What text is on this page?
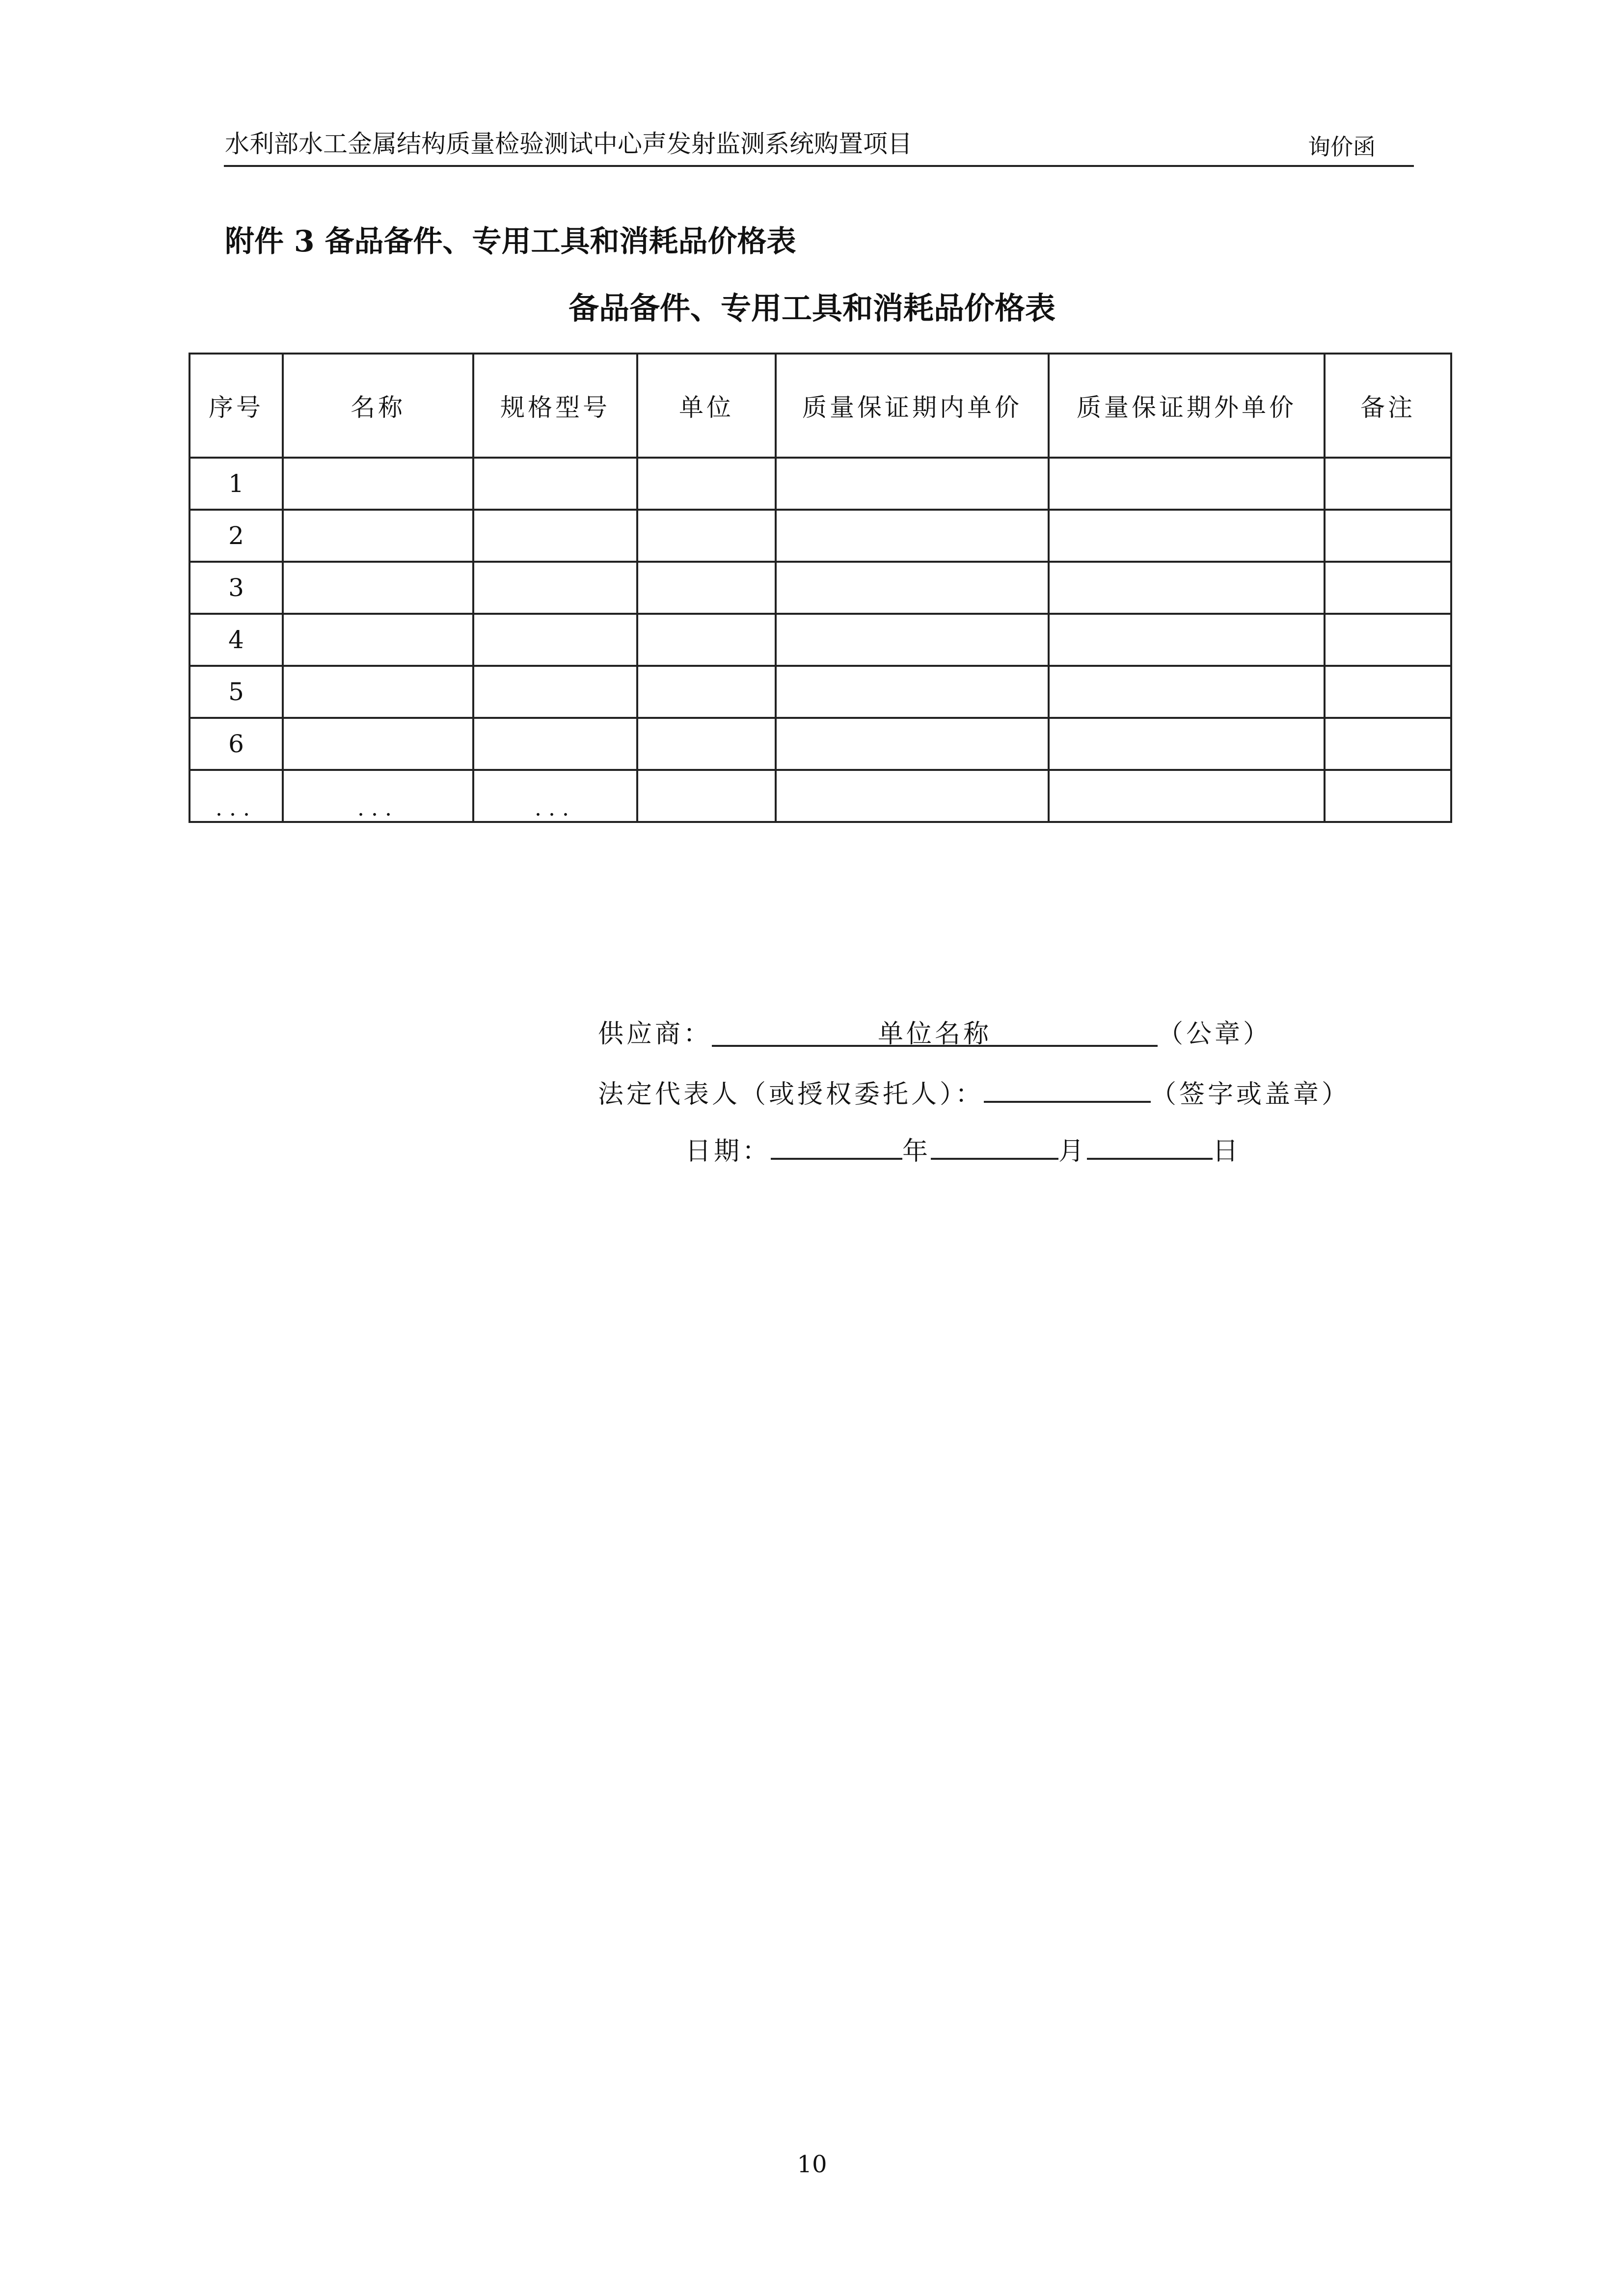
水利部水工金属结构质量检验测试中心声发射监测系统购置项目	询价函
附件 3 备品备件、专用工具和消耗品价格表
备品备件、专用工具和消耗品价格表
序号	名称	规格型号	单位	质量保证期内单价	质量保证期外单价	备注
1						
2						
3						
4						
5						
6						
...	...	...				
供应商：	单位名称	（公章）
法定代表人（或授权委托人）：	（签字或盖章）
日期：	年	月	日
10
